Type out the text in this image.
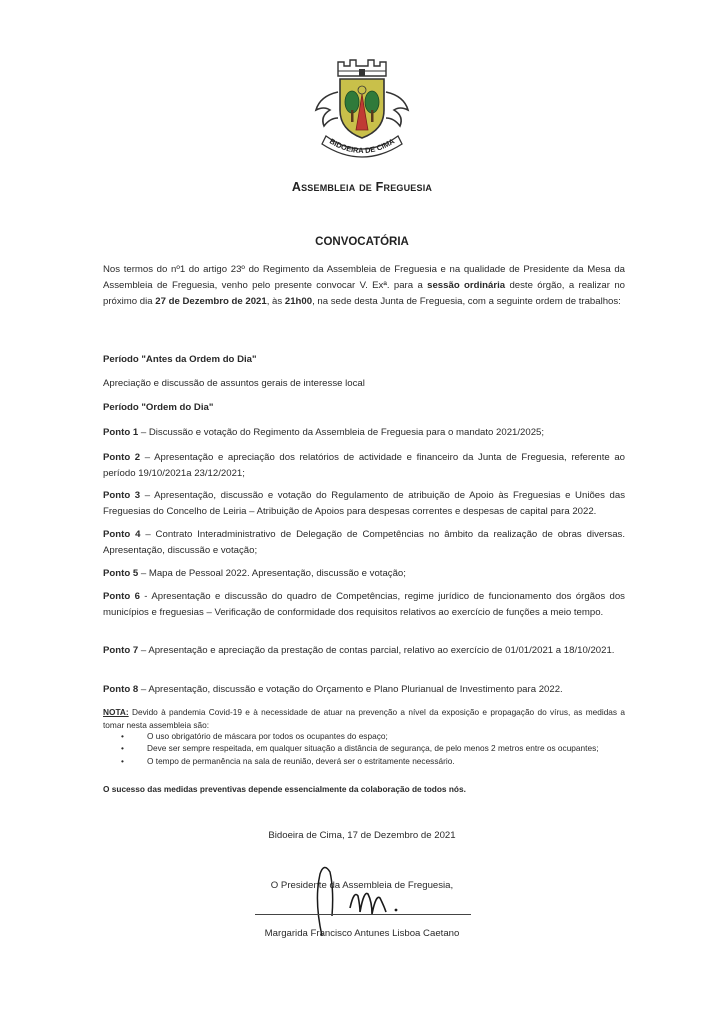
BIDOEIRA DE CIMA
Assembleia de Freguesia
CONVOCATÓRIA

Nos termos do nº1 do artigo 23º do Regimento da Assembleia de Freguesia e na qualidade de Presidente da Mesa da Assembleia de Freguesia, venho pelo presente convocar V. Exª. para a sessão ordinária deste órgão, a realizar no próximo dia 27 de Dezembro de 2021, às 21h00, na sede desta Junta de Freguesia, com a seguinte ordem de trabalhos:

Período "Antes da Ordem do Dia"

Apreciação e discussão de assuntos gerais de interesse local

Período "Ordem do Dia"

Ponto 1 – Discussão e votação do Regimento da Assembleia de Freguesia para o mandato 2021/2025;

Ponto 2 – Apresentação e apreciação dos relatórios de actividade e financeiro da Junta de Freguesia, referente ao período 19/10/2021a 23/12/2021;

Ponto 3 – Apresentação, discussão e votação do Regulamento de atribuição de Apoio às Freguesias e Uniões das Freguesias do Concelho de Leiria – Atribuição de Apoios para despesas correntes e despesas de capital para 2022.

Ponto 4 – Contrato Interadministrativo de Delegação de Competências no âmbito da realização de obras diversas. Apresentação, discussão e votação;

Ponto 5 – Mapa de Pessoal 2022. Apresentação, discussão e votação;

Ponto 6 - Apresentação e discussão do quadro de Competências, regime jurídico de funcionamento dos órgãos dos municípios e freguesias – Verificação de conformidade dos requisitos relativos ao exercício de funções a meio tempo.

Ponto 7 – Apresentação e apreciação da prestação de contas parcial, relativo ao exercício de 01/01/2021 a 18/10/2021.

Ponto 8 – Apresentação, discussão e votação do Orçamento e Plano Plurianual de Investimento para 2022.

NOTA: Devido à pandemia Covid-19 e à necessidade de atuar na prevenção a nível da exposição e propagação do vírus, as medidas a tomar nesta assembleia são:

• O uso obrigatório de máscara por todos os ocupantes do espaço;
• Deve ser sempre respeitada, em qualquer situação a distância de segurança, de pelo menos 2 metros entre os ocupantes;
• O tempo de permanência na sala de reunião, deverá ser o estritamente necessário.

O sucesso das medidas preventivas depende essencialmente da colaboração de todos nós.

Bidoeira de Cima, 17 de Dezembro de 2021
O Presidente da Assembleia de Freguesia,
Margarida Francisco Antunes Lisboa Caetano
